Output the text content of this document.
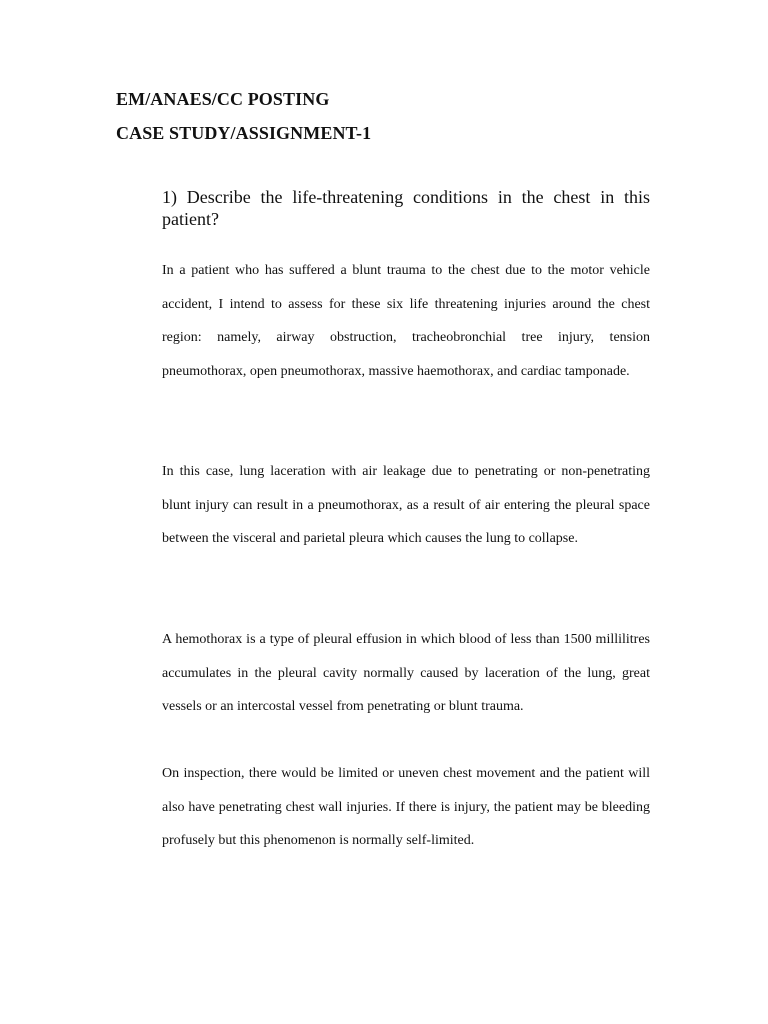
EM/ANAES/CC POSTING
CASE STUDY/ASSIGNMENT-1
1) Describe the life-threatening conditions in the chest in this patient?
In a patient who has suffered a blunt trauma to the chest due to the motor vehicle accident, I intend to assess for these six life threatening injuries around the chest region: namely, airway obstruction, tracheobronchial tree injury, tension pneumothorax, open pneumothorax, massive haemothorax, and cardiac tamponade.
In this case, lung laceration with air leakage due to penetrating or non-penetrating blunt injury can result in a pneumothorax, as a result of air entering the pleural space between the visceral and parietal pleura which causes the lung to collapse.
A hemothorax is a type of pleural effusion in which blood of less than 1500 millilitres accumulates in the pleural cavity normally caused by laceration of the lung, great vessels or an intercostal vessel from penetrating or blunt trauma.
On inspection, there would be limited or uneven chest movement and the patient will also have penetrating chest wall injuries. If there is injury, the patient may be bleeding profusely but this phenomenon is normally self-limited.
